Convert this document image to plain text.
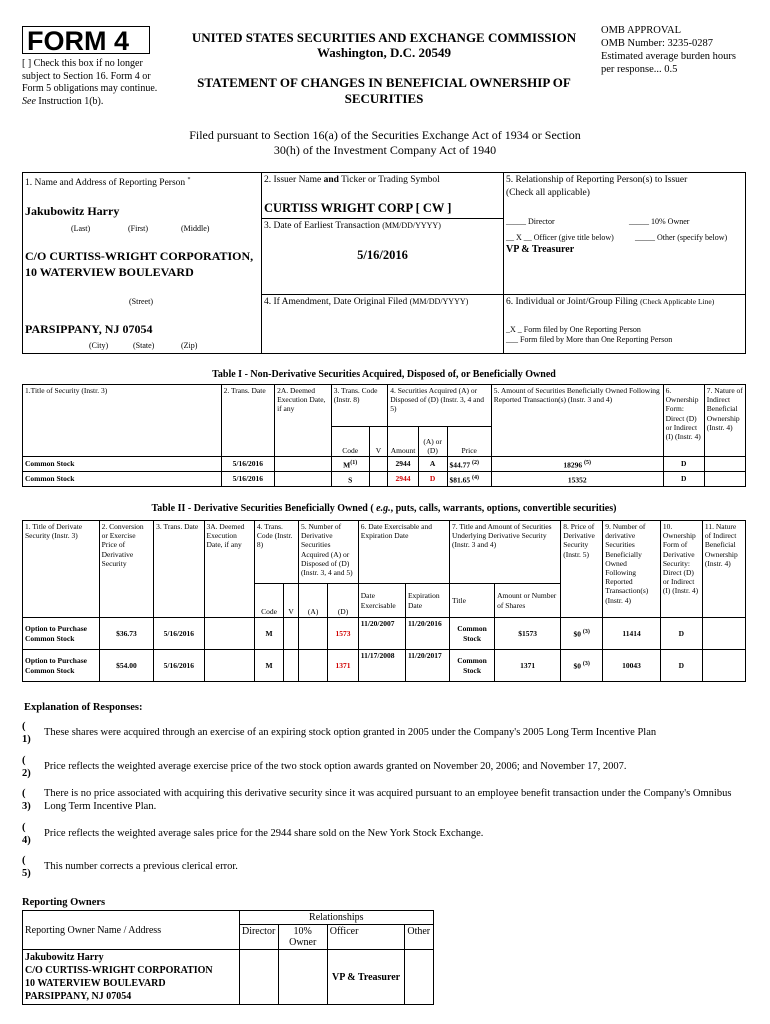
FORM 4
[ ] Check this box if no longer subject to Section 16. Form 4 or Form 5 obligations may continue. See Instruction 1(b).
UNITED STATES SECURITIES AND EXCHANGE COMMISSION
Washington, D.C. 20549
STATEMENT OF CHANGES IN BENEFICIAL OWNERSHIP OF SECURITIES
OMB APPROVAL
OMB Number: 3235-0287
Estimated average burden hours per response... 0.5
Filed pursuant to Section 16(a) of the Securities Exchange Act of 1934 or Section 30(h) of the Investment Company Act of 1940
1. Name and Address of Reporting Person *
Jakubowitz Harry
(Last)	(First)	(Middle)
C/O CURTISS-WRIGHT CORPORATION, 10 WATERVIEW BOULEVARD
(Street)
PARSIPPANY, NJ 07054
(City)	(State)	(Zip)
2. Issuer Name and Ticker or Trading Symbol
CURTISS WRIGHT CORP [ CW ]
3. Date of Earliest Transaction (MM/DD/YYYY)
5/16/2016
4. If Amendment, Date Original Filed (MM/DD/YYYY)
5. Relationship of Reporting Person(s) to Issuer
(Check all applicable)
_____ Director	_____ 10% Owner
__ X __ Officer (give title below)	_____ Other (specify below)
VP & Treasurer
6. Individual or Joint/Group Filing (Check Applicable Line)
_X _ Form filed by One Reporting Person
___ Form filed by More than One Reporting Person
Table I - Non-Derivative Securities Acquired, Disposed of, or Beneficially Owned
1.Title of Security (Instr. 3)	2. Trans. Date	2A. Deemed Execution Date, if any	3. Trans. Code (Instr. 8)		4. Securities Acquired (A) or Disposed of (D) (Instr. 3, 4 and 5)			5. Amount of Securities Beneficially Owned Following Reported Transaction(s) (Instr. 3 and 4)	6. Ownership Form: Direct (D) or Indirect (I) (Instr. 4)	7. Nature of Indirect Beneficial Ownership (Instr. 4)
			Code	V	Amount	(A) or (D)	Price			
Common Stock	5/16/2016		$M^{(1)}$		2944	A	$44.77 $^{(2)}$	18296 $^{(5)}$	D	
Common Stock	5/16/2016		S		2944	D	$81.65 $^{(4)}$	15352	D	
Table II - Derivative Securities Beneficially Owned ( e.g., puts, calls, warrants, options, convertible securities)
1. Title of Derivate Security (Instr. 3)	2. Conversion or Exercise Price of Derivative Security	3. Trans. Date	3A. Deemed Execution Date, if any	4. Trans. Code (Instr. 8)		5. Number of Derivative Securities Acquired (A) or Disposed of (D) (Instr. 3, 4 and 5)		6. Date Exercisable and Expiration Date		7. Title and Amount of Securities Underlying Derivative Security (Instr. 3 and 4)		8. Price of Derivative Security (Instr. 5)	9. Number of derivative Securities Beneficially Owned Following Reported Transaction(s) (Instr. 4)	10. Ownership Form of Derivative Security: Direct (D) or Indirect (I) (Instr. 4)	11. Nature of Indirect Beneficial Ownership (Instr. 4)
				Code	V	(A)	(D)	Date Exercisable	Expiration Date	Title	Amount or Number of Shares				
Option to Purchase Common Stock	$36.73	5/16/2016		M			1573	11/20/2007	11/20/2016	Common Stock	$1573	$0 $^{(3)}$	11414	D	
Option to Purchase Common Stock	$54.00	5/16/2016		M			1371	11/17/2008	11/20/2017	Common Stock	1371	$0 $^{(3)}$	10043	D	
Explanation of Responses:
(
1)
These shares were acquired through an exercise of an expiring stock option granted in 2005 under the Company's 2005 Long Term Incentive Plan
(
2)
Price reflects the weighted average exercise price of the two stock option awards granted on November 20, 2006; and November 17, 2007.
(
3)
There is no price associated with acquiring this derivative security since it was acquired pursuant to an employee benefit transaction under the Company's Omnibus Long Term Incentive Plan.
(
4)
Price reflects the weighted average sales price for the 2944 share sold on the New York Stock Exchange.
(
5)
This number corrects a previous clerical error.
Reporting Owners
Reporting Owner Name / Address	Relationships			
	Director	10% Owner	Officer	Other

Jakubowitz Harry
C/O CURTISS-WRIGHT CORPORATION
10 WATERVIEW BOULEVARD
PARSIPPANY, NJ 07054			VP & Treasurer	
